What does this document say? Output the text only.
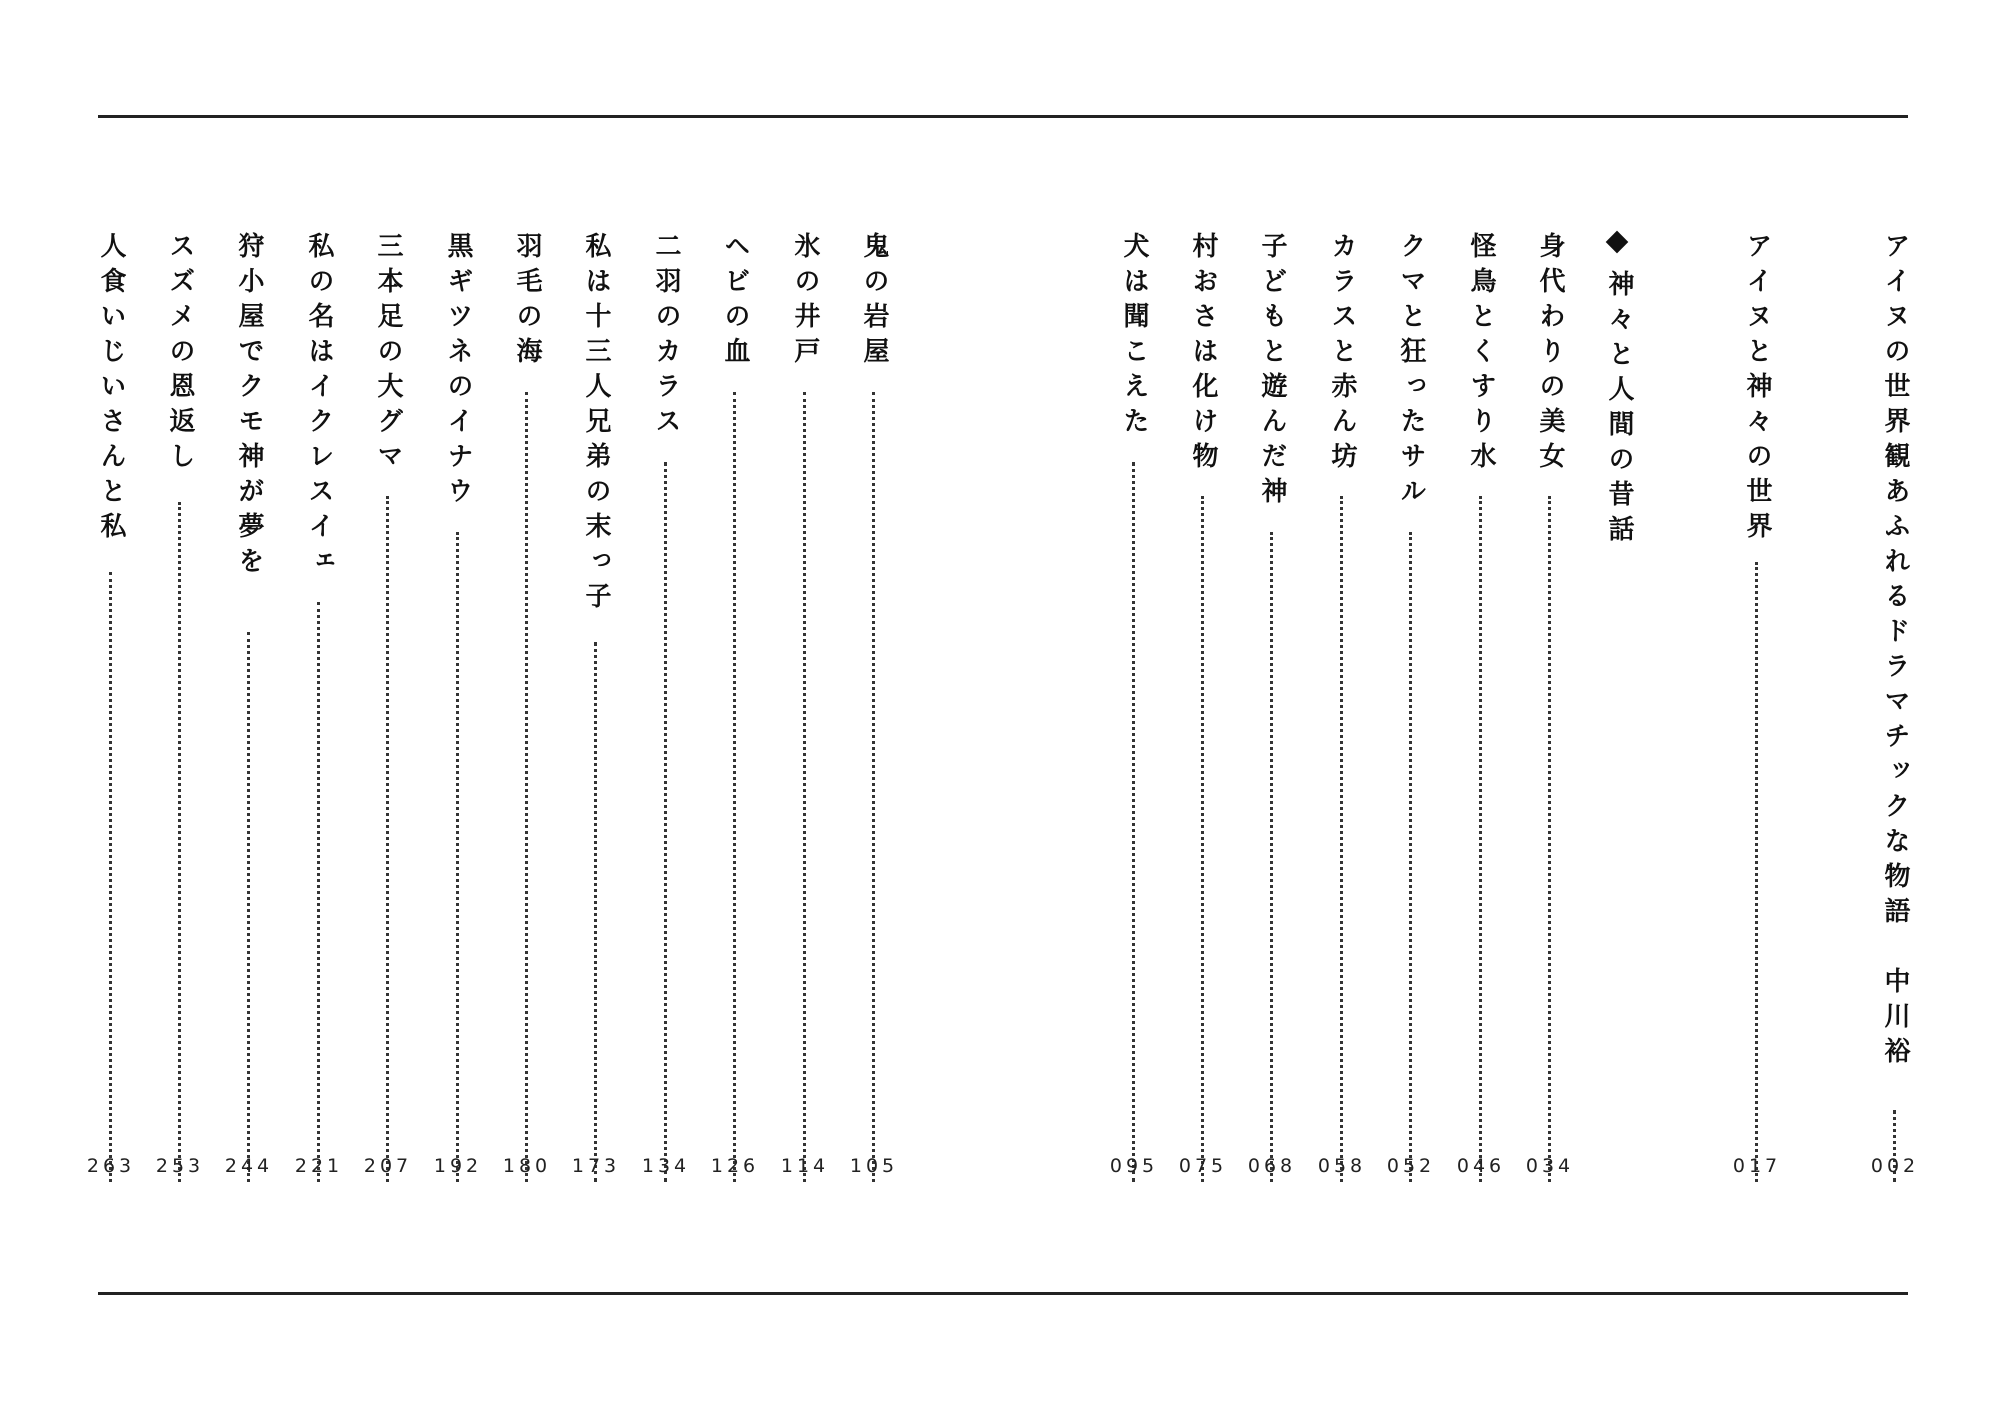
アイヌの世界観あふれるドラマチックな物語　中川裕
002
アイヌと神々の世界
017
神々と人間の昔話
身代わりの美女
034
怪鳥とくすり水
046
クマと狂ったサル
052
カラスと赤ん坊
058
子どもと遊んだ神
068
村おさは化け物
075
犬は聞こえた
095
鬼の岩屋
105
氷の井戸
114
ヘビの血
126
二羽のカラス
134
私は十三人兄弟の末っ子
173
羽毛の海
180
黒ギツネのイナウ
192
三本足の大グマ
207
私の名はイクレスイェ
221
狩小屋でクモ神が夢を
244
スズメの恩返し
253
人食いじいさんと私
263
